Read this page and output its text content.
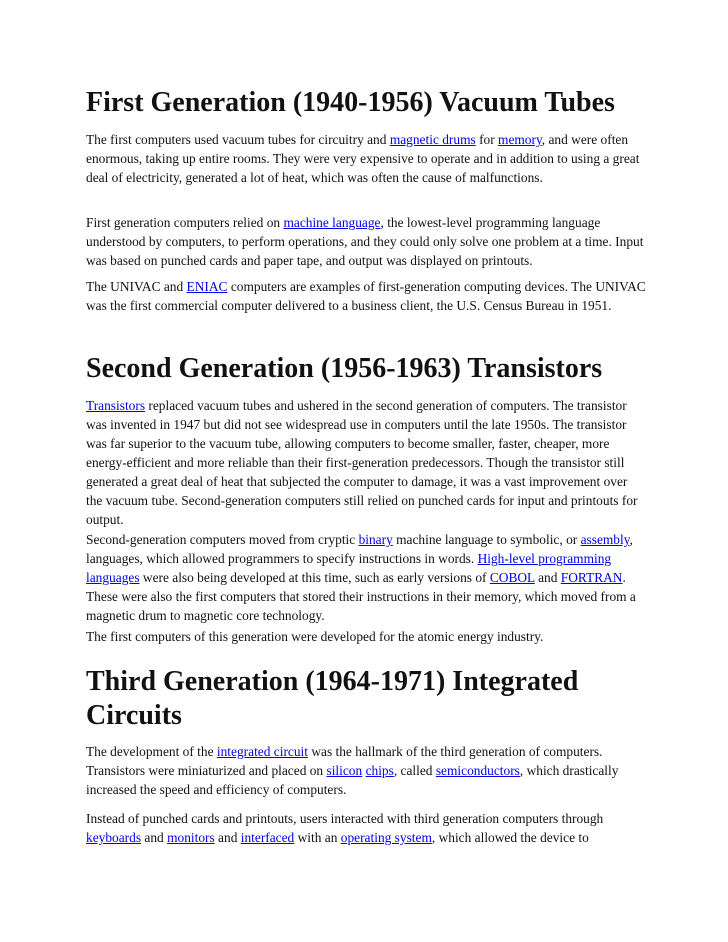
First Generation (1940-1956) Vacuum Tubes

The first computers used vacuum tubes for circuitry and magnetic drums for memory, and were often enormous, taking up entire rooms. They were very expensive to operate and in addition to using a great deal of electricity, generated a lot of heat, which was often the cause of malfunctions.

First generation computers relied on machine language, the lowest-level programming language understood by computers, to perform operations, and they could only solve one problem at a time. Input was based on punched cards and paper tape, and output was displayed on printouts.

The UNIVAC and ENIAC computers are examples of first-generation computing devices. The UNIVAC was the first commercial computer delivered to a business client, the U.S. Census Bureau in 1951.

Second Generation (1956-1963) Transistors

Transistors replaced vacuum tubes and ushered in the second generation of computers. The transistor was invented in 1947 but did not see widespread use in computers until the late 1950s. The transistor was far superior to the vacuum tube, allowing computers to become smaller, faster, cheaper, more energy-efficient and more reliable than their first-generation predecessors. Though the transistor still generated a great deal of heat that subjected the computer to damage, it was a vast improvement over the vacuum tube. Second-generation computers still relied on punched cards for input and printouts for output.

Second-generation computers moved from cryptic binary machine language to symbolic, or assembly, languages, which allowed programmers to specify instructions in words. High-level programming languages were also being developed at this time, such as early versions of COBOL and FORTRAN. These were also the first computers that stored their instructions in their memory, which moved from a magnetic drum to magnetic core technology.

The first computers of this generation were developed for the atomic energy industry.

Third Generation (1964-1971) Integrated Circuits

The development of the integrated circuit was the hallmark of the third generation of computers. Transistors were miniaturized and placed on silicon chips, called semiconductors, which drastically increased the speed and efficiency of computers.

Instead of punched cards and printouts, users interacted with third generation computers through keyboards and monitors and interfaced with an operating system, which allowed the device to
